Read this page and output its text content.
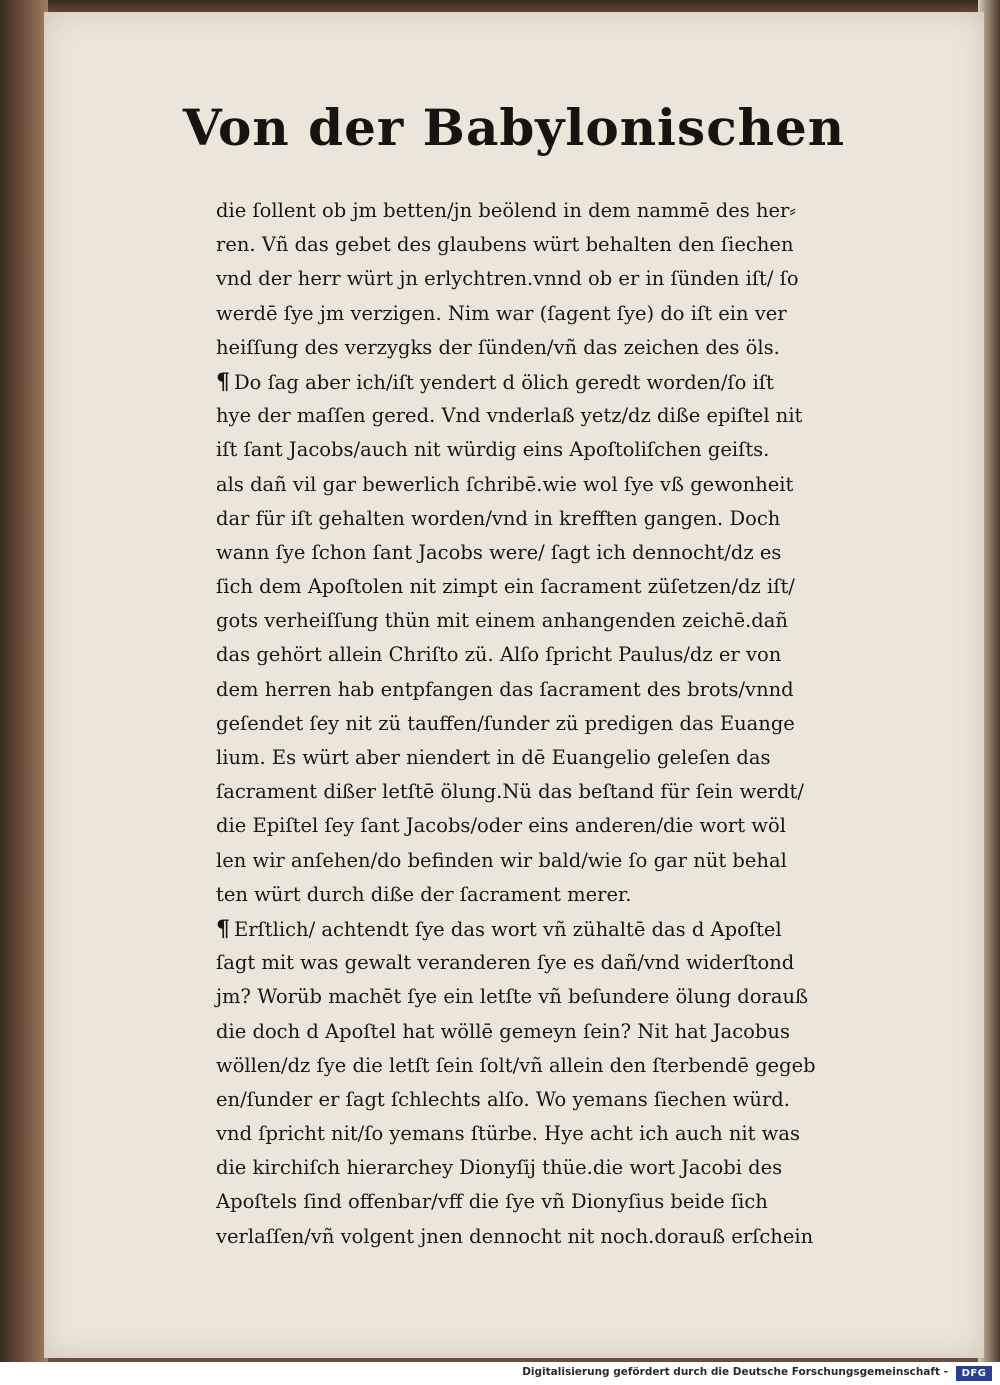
Von der Babylonischen
die ſollent ob jm betten/jn beölend in dem nammē des her⸗
ren. Vñ das gebet des glaubens würt behalten den ſiechen
vnd der herr würt jn erlychtren.vnnd ob er in ſünden iſt/ ſo
werdē ſye jm verzigen. Nim war (ſagent ſye) do iſt ein ver
heiſſung des verzygks der ſünden/vñ das zeichen des öls.
¶ Do ſag aber ich/iſt yendert d ölich geredt worden/ſo iſt
hye der maſſen gered. Vnd vnderlaß yetz/dz diße epiſtel nit
iſt ſant Jacobs/auch nit würdig eins Apoſtoliſchen geiſts.
als dañ vil gar bewerlich ſchribē.wie wol ſye vß gewonheit
dar für iſt gehalten worden/vnd in krefften gangen. Doch
wann ſye ſchon ſant Jacobs were/ ſagt ich dennocht/dz es
ſich dem Apoſtolen nit zimpt ein ſacrament züſetzen/dz iſt/
gots verheiſſung thün mit einem anhangenden zeichē.dañ
das gehört allein Chriſto zü. Alſo ſpricht Paulus/dz er von
dem herren hab entpfangen das ſacrament des brots/vnnd
geſendet ſey nit zü tauffen/ſunder zü predigen das Euange
lium. Es würt aber niendert in dē Euangelio geleſen das
ſacrament dißer letſtē ölung.Nü das beſtand für ſein werdt/
die Epiſtel ſey ſant Jacobs/oder eins anderen/die wort wöl
len wir anſehen/do befinden wir bald/wie ſo gar nüt behal
ten würt durch diße der ſacrament merer.
¶ Erſtlich/ achtendt ſye das wort vñ zühaltē das d Apoſtel
ſagt mit was gewalt veranderen ſye es dañ/vnd widerſtond
jm? Worüb machēt ſye ein letſte vñ beſundere ölung dorauß
die doch d Apoſtel hat wöllē gemeyn ſein? Nit hat Jacobus
wöllen/dz ſye die letſt ſein ſolt/vñ allein den ſterbendē gegeb
en/ſunder er ſagt ſchlechts alſo. Wo yemans ſiechen würd.
vnd ſpricht nit/ſo yemans ſtürbe. Hye acht ich auch nit was
die kirchiſch hierarchey Dionyſij thüe.die wort Jacobi des
Apoſtels ſind offenbar/vff die ſye vñ Dionyſius beide ſich
verlaſſen/vñ volgent jnen dennocht nit noch.dorauß erſchein
Digitalisierung gefördert durch die Deutsche Forschungsgemeinschaft -	DFG
